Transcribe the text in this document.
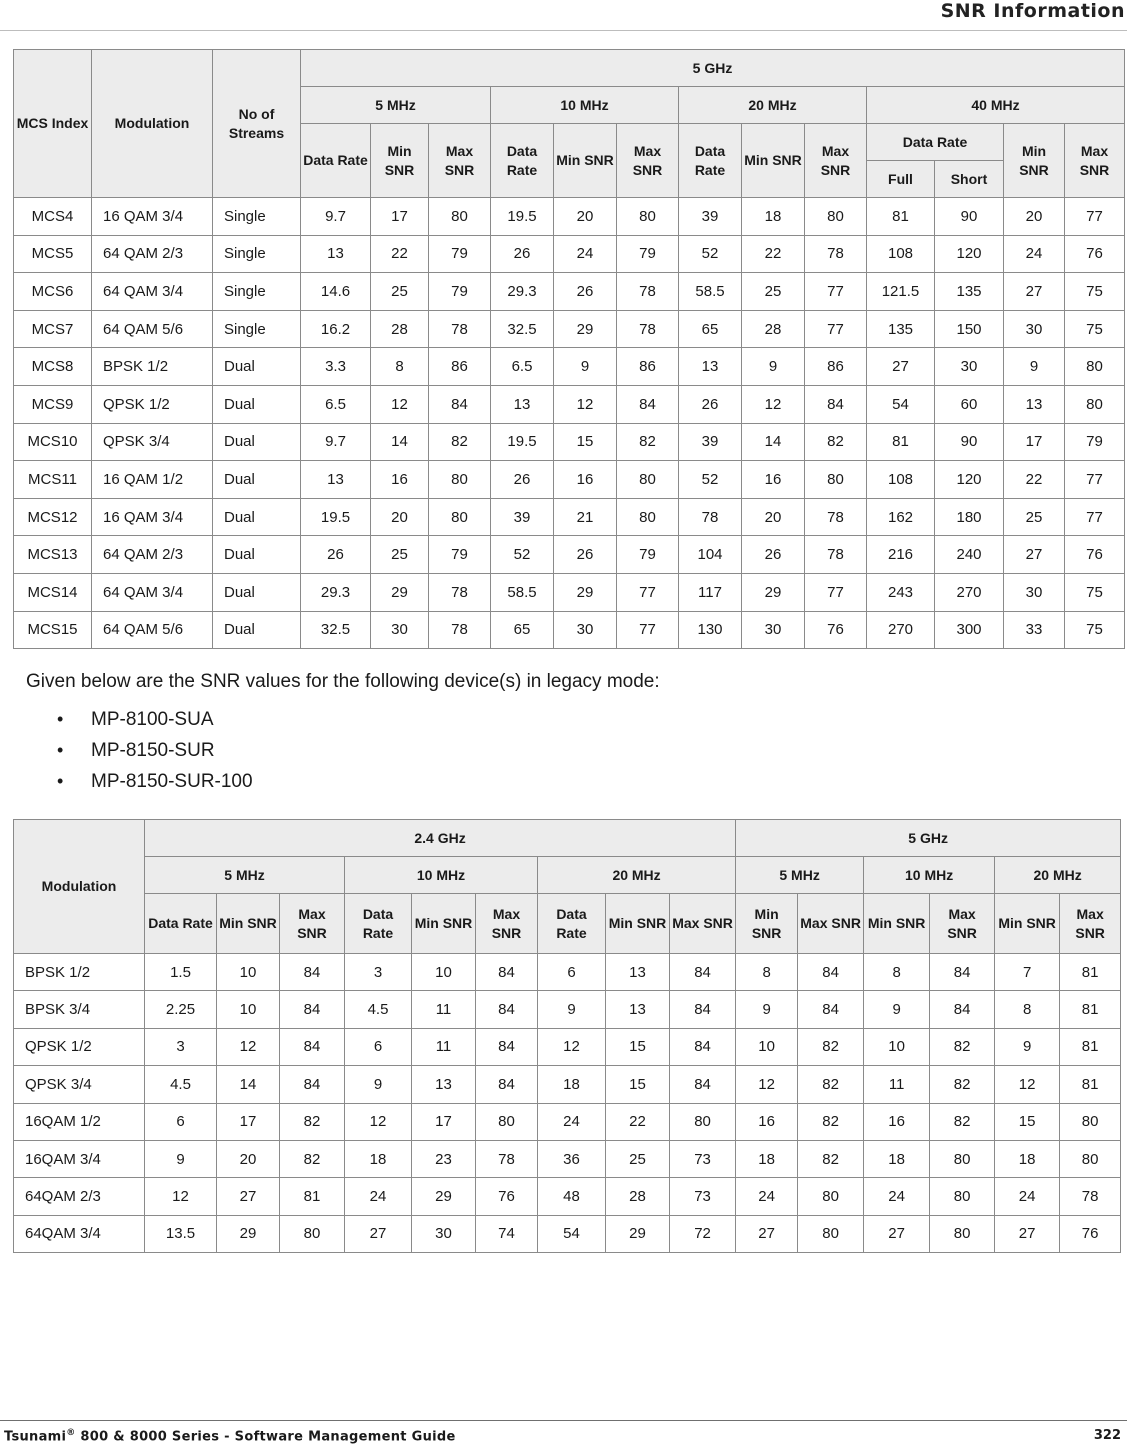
SNR Information
MCS Index	Modulation	No of Streams	5 GHz												
			5 MHz			10 MHz			20 MHz			40 MHz			
			Data Rate	Min SNR	Max SNR	Data Rate	Min SNR	Max SNR	Data Rate	Min SNR	Max SNR	Data Rate		Min SNR	Max SNR
												Full	Short		
MCS4	16 QAM 3/4	Single	9.7	17	80	19.5	20	80	39	18	80	81	90	20	77
MCS5	64 QAM 2/3	Single	13	22	79	26	24	79	52	22	78	108	120	24	76
MCS6	64 QAM 3/4	Single	14.6	25	79	29.3	26	78	58.5	25	77	121.5	135	27	75
MCS7	64 QAM 5/6	Single	16.2	28	78	32.5	29	78	65	28	77	135	150	30	75
MCS8	BPSK 1/2	Dual	3.3	8	86	6.5	9	86	13	9	86	27	30	9	80
MCS9	QPSK 1/2	Dual	6.5	12	84	13	12	84	26	12	84	54	60	13	80
MCS10	QPSK 3/4	Dual	9.7	14	82	19.5	15	82	39	14	82	81	90	17	79
MCS11	16 QAM 1/2	Dual	13	16	80	26	16	80	52	16	80	108	120	22	77
MCS12	16 QAM 3/4	Dual	19.5	20	80	39	21	80	78	20	78	162	180	25	77
MCS13	64 QAM 2/3	Dual	26	25	79	52	26	79	104	26	78	216	240	27	76
MCS14	64 QAM 3/4	Dual	29.3	29	78	58.5	29	77	117	29	77	243	270	30	75
MCS15	64 QAM 5/6	Dual	32.5	30	78	65	30	77	130	30	76	270	300	33	75
Given below are the SNR values for the following device(s) in legacy mode:
• MP-8100-SUA
• MP-8150-SUR
• MP-8150-SUR-100
Modulation	2.4 GHz									5 GHz					
	5 MHz			10 MHz			20 MHz			5 MHz		10 MHz		20 MHz	
	Data Rate	Min SNR	Max SNR	Data Rate	Min SNR	Max SNR	Data Rate	Min SNR	Max SNR	Min SNR	Max SNR	Min SNR	Max SNR	Min SNR	Max SNR
BPSK 1/2	1.5	10	84	3	10	84	6	13	84	8	84	8	84	7	81
BPSK 3/4	2.25	10	84	4.5	11	84	9	13	84	9	84	9	84	8	81
QPSK 1/2	3	12	84	6	11	84	12	15	84	10	82	10	82	9	81
QPSK 3/4	4.5	14	84	9	13	84	18	15	84	12	82	11	82	12	81
16QAM 1/2	6	17	82	12	17	80	24	22	80	16	82	16	82	15	80
16QAM 3/4	9	20	82	18	23	78	36	25	73	18	82	18	80	18	80
64QAM 2/3	12	27	81	24	29	76	48	28	73	24	80	24	80	24	78
64QAM 3/4	13.5	29	80	27	30	74	54	29	72	27	80	27	80	27	76
Tsunami® 800 & 8000 Series - Software Management Guide	322
